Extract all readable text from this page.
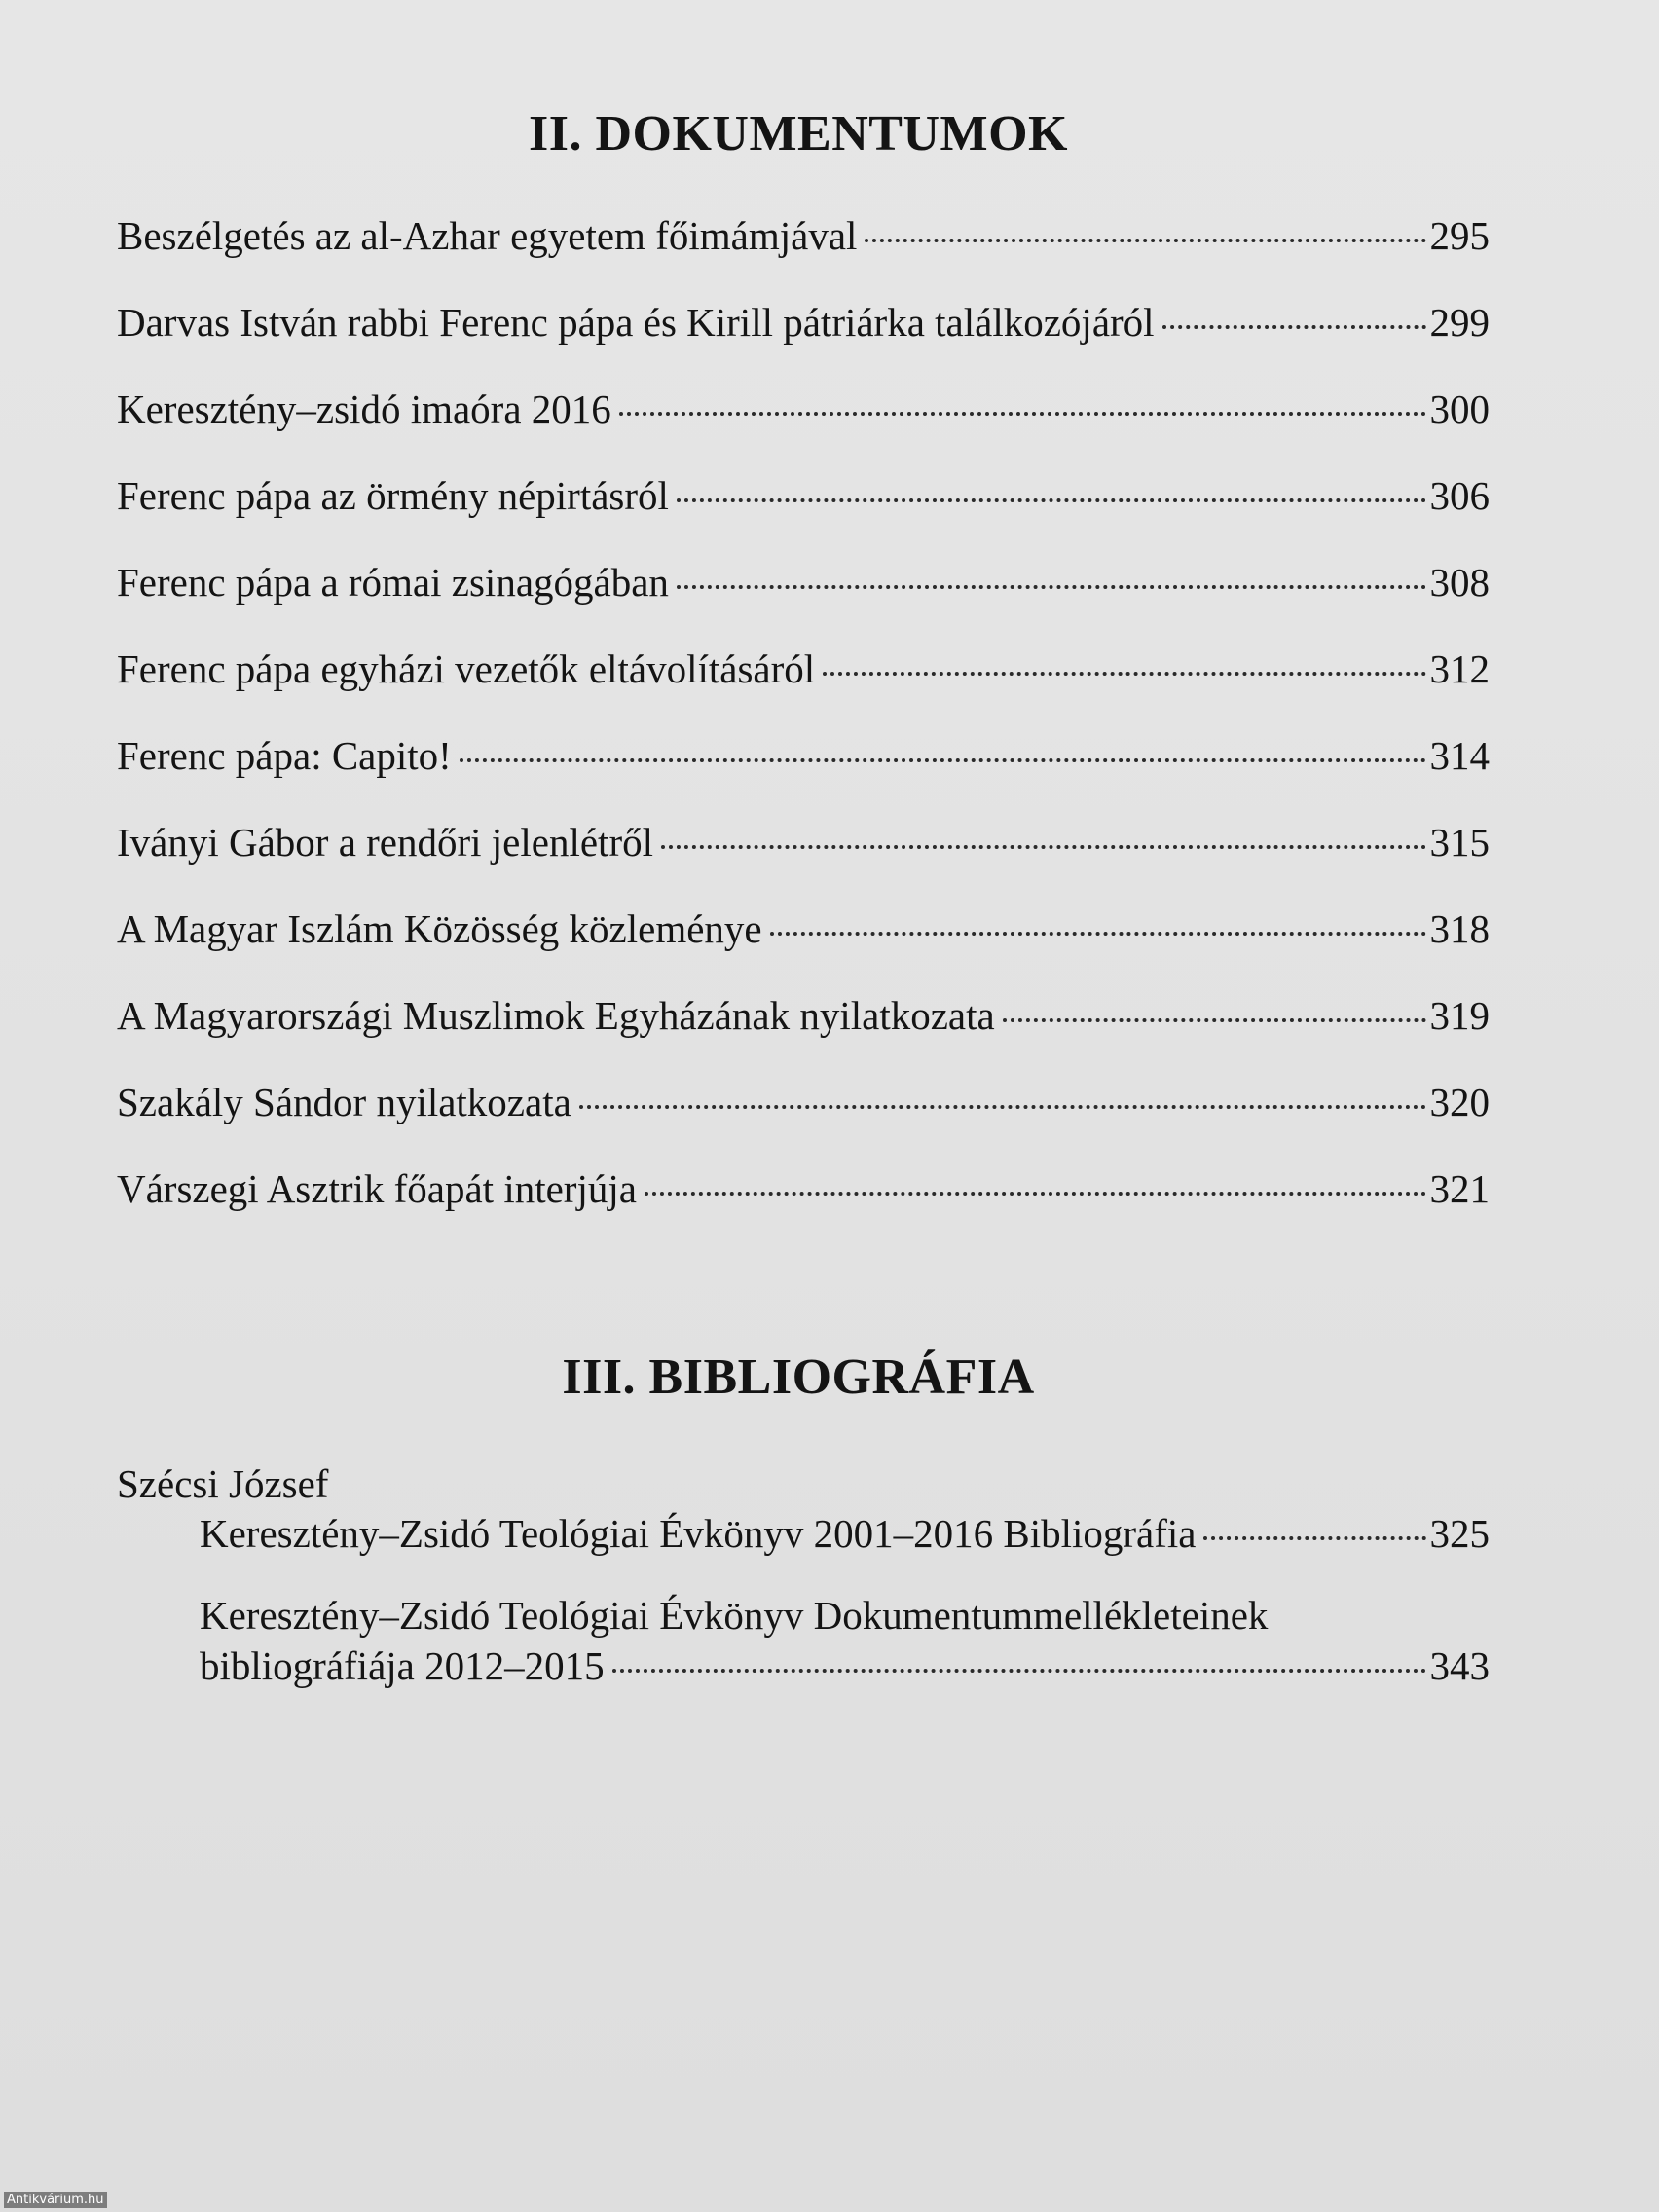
II. DOKUMENTUMOK
Beszélgetés az al-Azhar egyetem főimámjával	295
Darvas István rabbi Ferenc pápa és Kirill pátriárka találkozójáról	299
Keresztény–zsidó imaóra 2016	300
Ferenc pápa az örmény népirtásról	306
Ferenc pápa a római zsinagógában	308
Ferenc pápa egyházi vezetők eltávolításáról	312
Ferenc pápa: Capito!	314
Iványi Gábor a rendőri jelenlétről	315
A Magyar Iszlám Közösség közleménye	318
A Magyarországi Muszlimok Egyházának nyilatkozata	319
Szakály Sándor nyilatkozata	320
Várszegi Asztrik főapát interjúja	321
III. BIBLIOGRÁFIA

Szécsi József

Keresztény–Zsidó Teológiai Évkönyv 2001–2016 Bibliográfia	325
Keresztény–Zsidó Teológiai Évkönyv Dokumentummellékleteinek
bibliográfiája 2012–2015	343
Antikvárium.hu
